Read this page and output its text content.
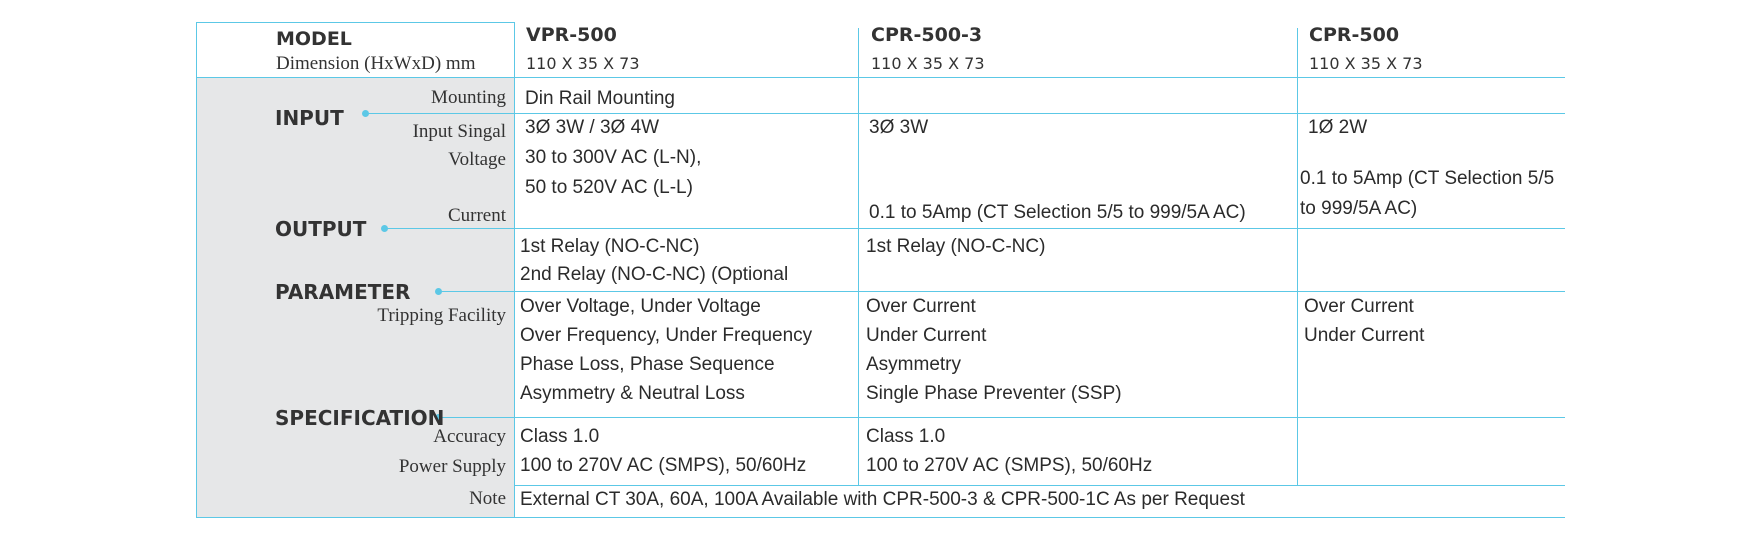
MODEL
Dimension (HxWxD) mm
VPR-500
110 X 35 X 73
CPR-500-3
110 X 35 X 73
CPR-500
110 X 35 X 73
INPUT
OUTPUT
PARAMETER
SPECIFICATION
Mounting
Input Singal
Voltage
Current
Tripping Facility
Accuracy
Power Supply
Note
Din Rail Mounting
3Ø 3W / 3Ø 4W
30 to 300V AC (L-N),
50 to 520V AC (L-L)
3Ø 3W
0.1 to 5Amp (CT Selection 5/5 to 999/5A AC)
1Ø 2W
0.1 to 5Amp (CT Selection 5/5
to 999/5A AC)
1st Relay (NO-C-NC)
2nd Relay (NO-C-NC) (Optional
1st Relay (NO-C-NC)
Over Voltage, Under Voltage
Over Frequency, Under Frequency
Phase Loss, Phase Sequence
Asymmetry & Neutral Loss
Over Current
Under Current
Asymmetry
Single Phase Preventer (SSP)
Over Current
Under Current
Class 1.0
100 to 270V AC (SMPS), 50/60Hz
Class 1.0
100 to 270V AC (SMPS), 50/60Hz
External CT 30A, 60A, 100A Available with CPR-500-3 & CPR-500-1C As per Request
